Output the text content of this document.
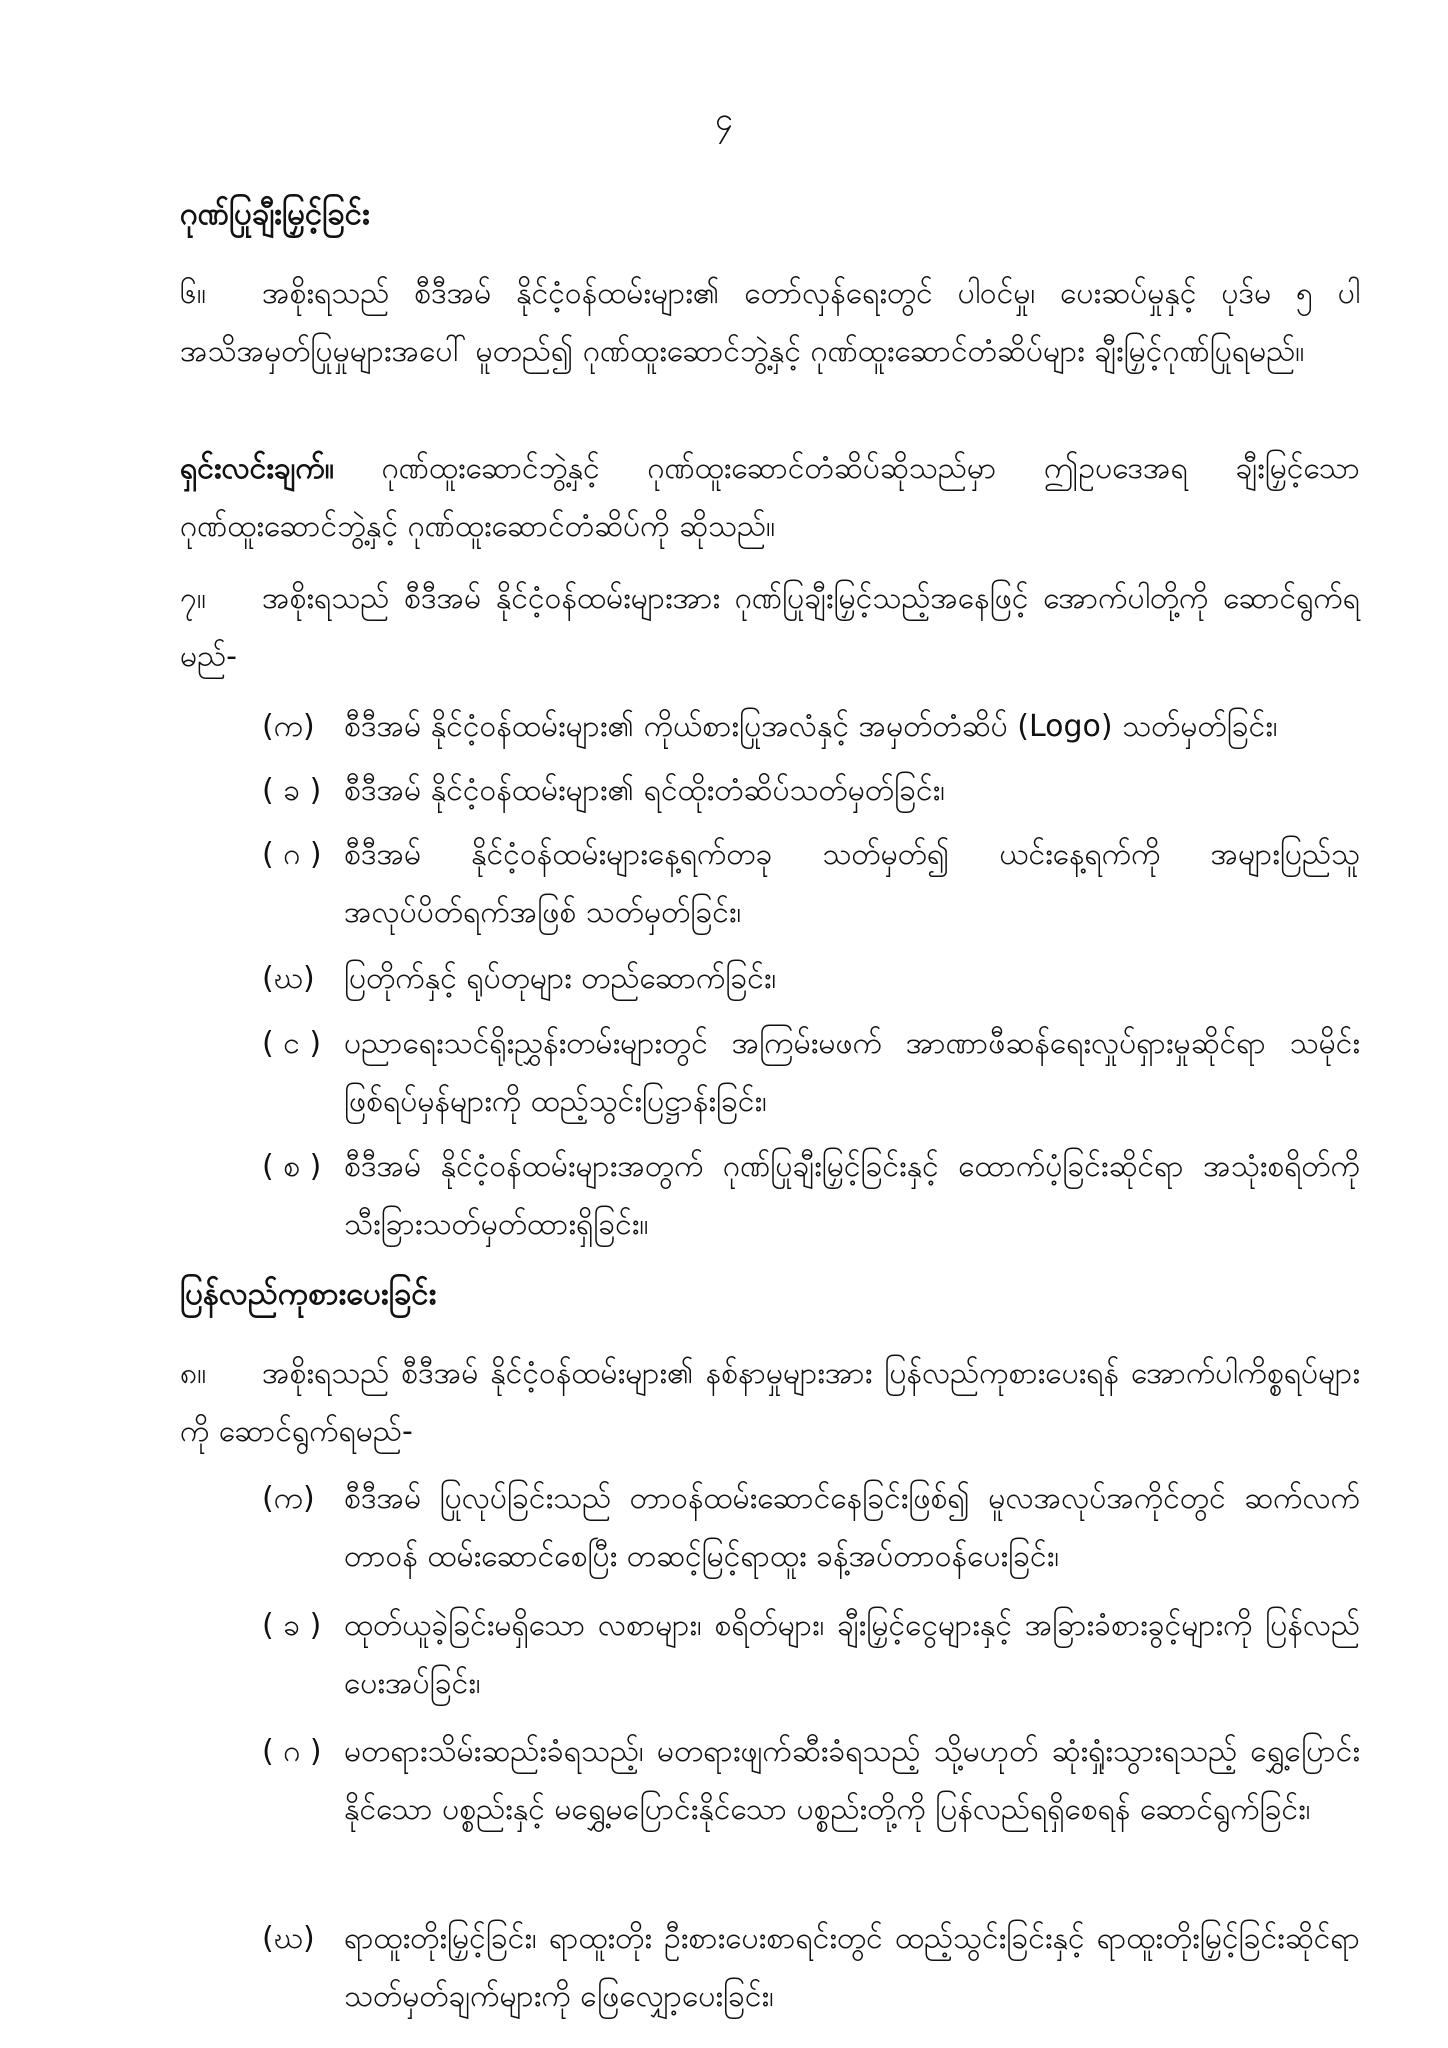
၄
ဂုဏ်ပြုချီးမြှင့်ခြင်း
၆။ အစိုးရသည် စီဒီအမ် နိုင်ငံ့ဝန်ထမ်းများ၏ တော်လှန်ရေးတွင် ပါဝင်မှု၊ ပေးဆပ်မှုနှင့် ပုဒ်မ ၅ ပါ အသိအမှတ်ပြုမှုများအပေါ် မူတည်၍ ဂုဏ်ထူးဆောင်ဘွဲ့နှင့် ဂုဏ်ထူးဆောင်တံဆိပ်များ ချီးမြှင့်ဂုဏ်ပြုရမည်။
ရှင်းလင်းချက်။ ဂုဏ်ထူးဆောင်ဘွဲ့နှင့် ဂုဏ်ထူးဆောင်တံဆိပ်ဆိုသည်မှာ ဤဥပဒေအရ ချီးမြှင့်သော ဂုဏ်ထူးဆောင်ဘွဲ့နှင့် ဂုဏ်ထူးဆောင်တံဆိပ်ကို ဆိုသည်။
၇။ အစိုးရသည် စီဒီအမ် နိုင်ငံ့ဝန်ထမ်းများအား ဂုဏ်ပြုချီးမြှင့်သည့်အနေဖြင့် အောက်ပါတို့ကို ဆောင်ရွက်ရမည်-
(က) စီဒီအမ် နိုင်ငံ့ဝန်ထမ်းများ၏ ကိုယ်စားပြုအလံနှင့် အမှတ်တံဆိပ် (Logo) သတ်မှတ်ခြင်း၊
( ခ ) စီဒီအမ် နိုင်ငံ့ဝန်ထမ်းများ၏ ရင်ထိုးတံဆိပ်သတ်မှတ်ခြင်း၊
( ဂ ) စီဒီအမ် နိုင်ငံ့ဝန်ထမ်းများနေ့ရက်တခု သတ်မှတ်၍ ယင်းနေ့ရက်ကို အများပြည်သူ အလုပ်ပိတ်ရက်အဖြစ် သတ်မှတ်ခြင်း၊
(ဃ) ပြတိုက်နှင့် ရုပ်တုများ တည်ဆောက်ခြင်း၊
( င ) ပညာရေးသင်ရိုးညွှန်းတမ်းများတွင် အကြမ်းမဖက် အာဏာဖီဆန်ရေးလှုပ်ရှားမှုဆိုင်ရာ သမိုင်းဖြစ်ရပ်မှန်များကို ထည့်သွင်းပြဋ္ဌာန်းခြင်း၊
( စ ) စီဒီအမ် နိုင်ငံ့ဝန်ထမ်းများအတွက် ဂုဏ်ပြုချီးမြှင့်ခြင်းနှင့် ထောက်ပံ့ခြင်းဆိုင်ရာ အသုံးစရိတ်ကို သီးခြားသတ်မှတ်ထားရှိခြင်း။
ပြန်လည်ကုစားပေးခြင်း
၈။ အစိုးရသည် စီဒီအမ် နိုင်ငံ့ဝန်ထမ်းများ၏ နစ်နာမှုများအား ပြန်လည်ကုစားပေးရန် အောက်ပါကိစ္စရပ်များကို ဆောင်ရွက်ရမည်-
(က) စီဒီအမ် ပြုလုပ်ခြင်းသည် တာဝန်ထမ်းဆောင်နေခြင်းဖြစ်၍ မူလအလုပ်အကိုင်တွင် ဆက်လက်တာဝန် ထမ်းဆောင်စေပြီး တဆင့်မြင့်ရာထူး ခန့်အပ်တာဝန်ပေးခြင်း၊
( ခ ) ထုတ်ယူခဲ့ခြင်းမရှိသော လစာများ၊ စရိတ်များ၊ ချီးမြှင့်ငွေများနှင့် အခြားခံစားခွင့်များကို ပြန်လည်ပေးအပ်ခြင်း၊
( ဂ ) မတရားသိမ်းဆည်းခံရသည့်၊ မတရားဖျက်ဆီးခံရသည့် သို့မဟုတ် ဆုံးရှုံးသွားရသည့် ရွှေ့ပြောင်းနိုင်သော ပစ္စည်းနှင့် မရွှေ့မပြောင်းနိုင်သော ပစ္စည်းတို့ကို ပြန်လည်ရရှိစေရန် ဆောင်ရွက်ခြင်း၊
(ဃ) ရာထူးတိုးမြှင့်ခြင်း၊ ရာထူးတိုး ဦးစားပေးစာရင်းတွင် ထည့်သွင်းခြင်းနှင့် ရာထူးတိုးမြှင့်ခြင်းဆိုင်ရာ သတ်မှတ်ချက်များကို ဖြေလျှော့ပေးခြင်း၊
